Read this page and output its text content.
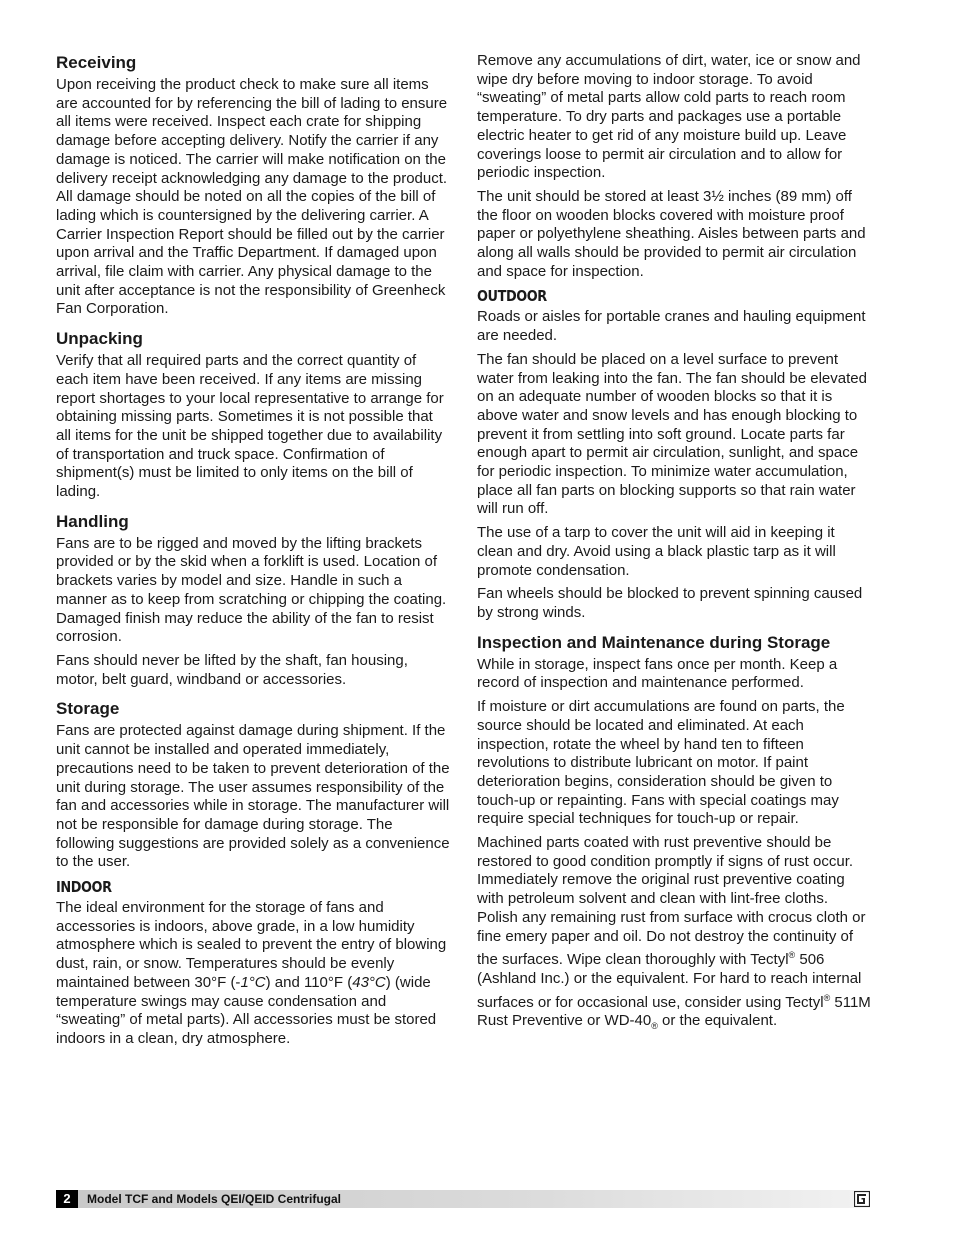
Receiving

Upon receiving the product check to make sure all items are accounted for by referencing the bill of lading to ensure all items were received. Inspect each crate for shipping damage before accepting delivery. Notify the carrier if any damage is noticed. The carrier will make notification on the delivery receipt acknowledging any damage to the product. All damage should be noted on all the copies of the bill of lading which is countersigned by the delivering carrier. A Carrier Inspection Report should be filled out by the carrier upon arrival and the Traffic Department. If damaged upon arrival, file claim with carrier. Any physical damage to the unit after acceptance is not the responsibility of Greenheck Fan Corporation.

Unpacking

Verify that all required parts and the correct quantity of each item have been received. If any items are missing report shortages to your local representative to arrange for obtaining missing parts. Sometimes it is not possible that all items for the unit be shipped together due to availability of transportation and truck space. Confirmation of shipment(s) must be limited to only items on the bill of lading.

Handling

Fans are to be rigged and moved by the lifting brackets provided or by the skid when a forklift is used. Location of brackets varies by model and size. Handle in such a manner as to keep from scratching or chipping the coating. Damaged finish may reduce the ability of the fan to resist corrosion.

Fans should never be lifted by the shaft, fan housing, motor, belt guard, windband or accessories.

Storage

Fans are protected against damage during shipment. If the unit cannot be installed and operated immediately, precautions need to be taken to prevent deterioration of the unit during storage. The user assumes responsibility of the fan and accessories while in storage. The manufacturer will not be responsible for damage during storage. The following suggestions are provided solely as a convenience to the user.

INDOOR

The ideal environment for the storage of fans and accessories is indoors, above grade, in a low humidity atmosphere which is sealed to prevent the entry of blowing dust, rain, or snow. Temperatures should be evenly maintained between 30°F (-1°C) and 110°F (43°C) (wide temperature swings may cause condensation and “sweating” of metal parts). All accessories must be stored indoors in a clean, dry atmosphere.

Remove any accumulations of dirt, water, ice or snow and wipe dry before moving to indoor storage. To avoid “sweating” of metal parts allow cold parts to reach room temperature. To dry parts and packages use a portable electric heater to get rid of any moisture build up. Leave coverings loose to permit air circulation and to allow for periodic inspection.

The unit should be stored at least 3½ inches (89 mm) off the floor on wooden blocks covered with moisture proof paper or polyethylene sheathing. Aisles between parts and along all walls should be provided to permit air circulation and space for inspection.

OUTDOOR

Roads or aisles for portable cranes and hauling equipment are needed.

The fan should be placed on a level surface to prevent water from leaking into the fan. The fan should be elevated on an adequate number of wooden blocks so that it is above water and snow levels and has enough blocking to prevent it from settling into soft ground. Locate parts far enough apart to permit air circulation, sunlight, and space for periodic inspection. To minimize water accumulation, place all fan parts on blocking supports so that rain water will run off.

The use of a tarp to cover the unit will aid in keeping it clean and dry. Avoid using a black plastic tarp as it will promote condensation.

Fan wheels should be blocked to prevent spinning caused by strong winds.

Inspection and Maintenance during Storage

While in storage, inspect fans once per month. Keep a record of inspection and maintenance performed.

If moisture or dirt accumulations are found on parts, the source should be located and eliminated. At each inspection, rotate the wheel by hand ten to fifteen revolutions to distribute lubricant on motor. If paint deterioration begins, consideration should be given to touch-up or repainting. Fans with special coatings may require special techniques for touch-up or repair.

Machined parts coated with rust preventive should be restored to good condition promptly if signs of rust occur. Immediately remove the original rust preventive coating with petroleum solvent and clean with lint-free cloths. Polish any remaining rust from surface with crocus cloth or fine emery paper and oil. Do not destroy the continuity of the surfaces. Wipe clean thoroughly with Tectyl® 506 (Ashland Inc.) or the equivalent. For hard to reach internal surfaces or for occasional use, consider using Tectyl® 511M Rust Preventive or $WD-40_®$ or the equivalent.

2	Model TCF and Models QEI/QEID Centrifugal
